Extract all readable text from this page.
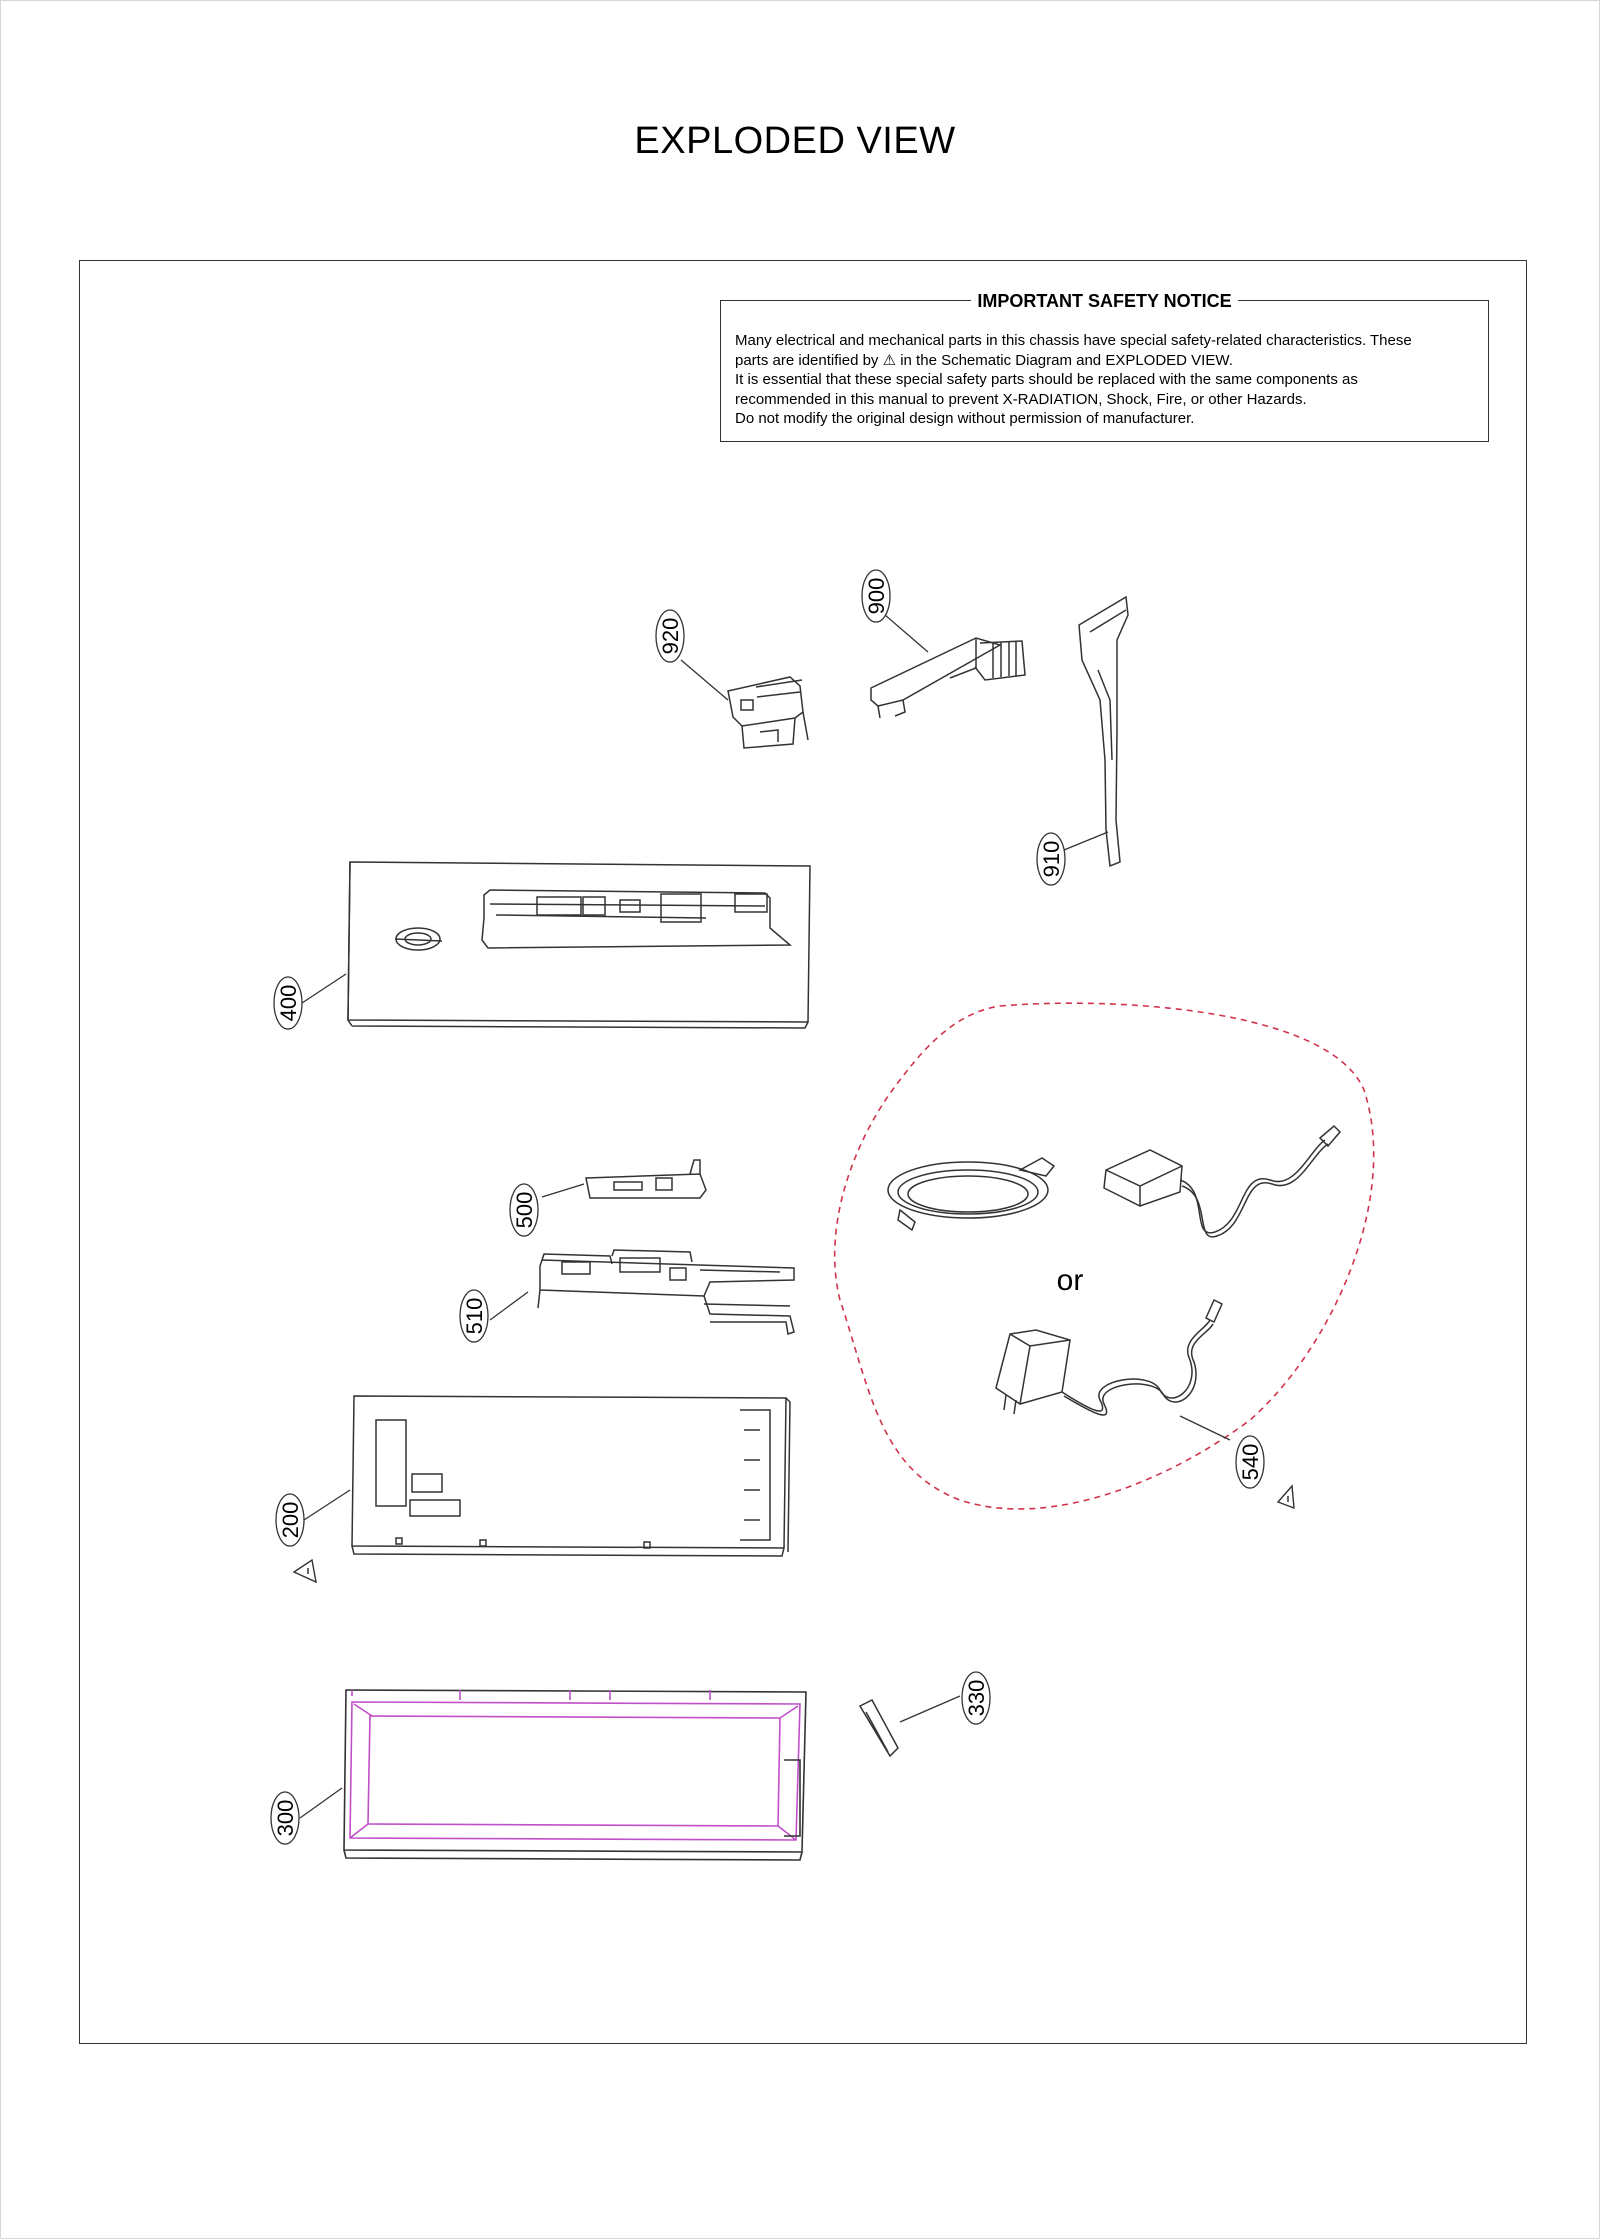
EXPLODED VIEW
IMPORTANT SAFETY NOTICE

Many electrical and mechanical parts in this chassis have special safety-related characteristics. These

parts are identified by ⚠ in the Schematic Diagram and EXPLODED VIEW.

It is essential that these special safety parts should be replaced with the same components as

recommended in this manual to prevent X-RADIATION, Shock, Fire, or other Hazards.

Do not modify the original design without permission of manufacturer.

920
900
910
400
500
510
or
540
200
330
300
